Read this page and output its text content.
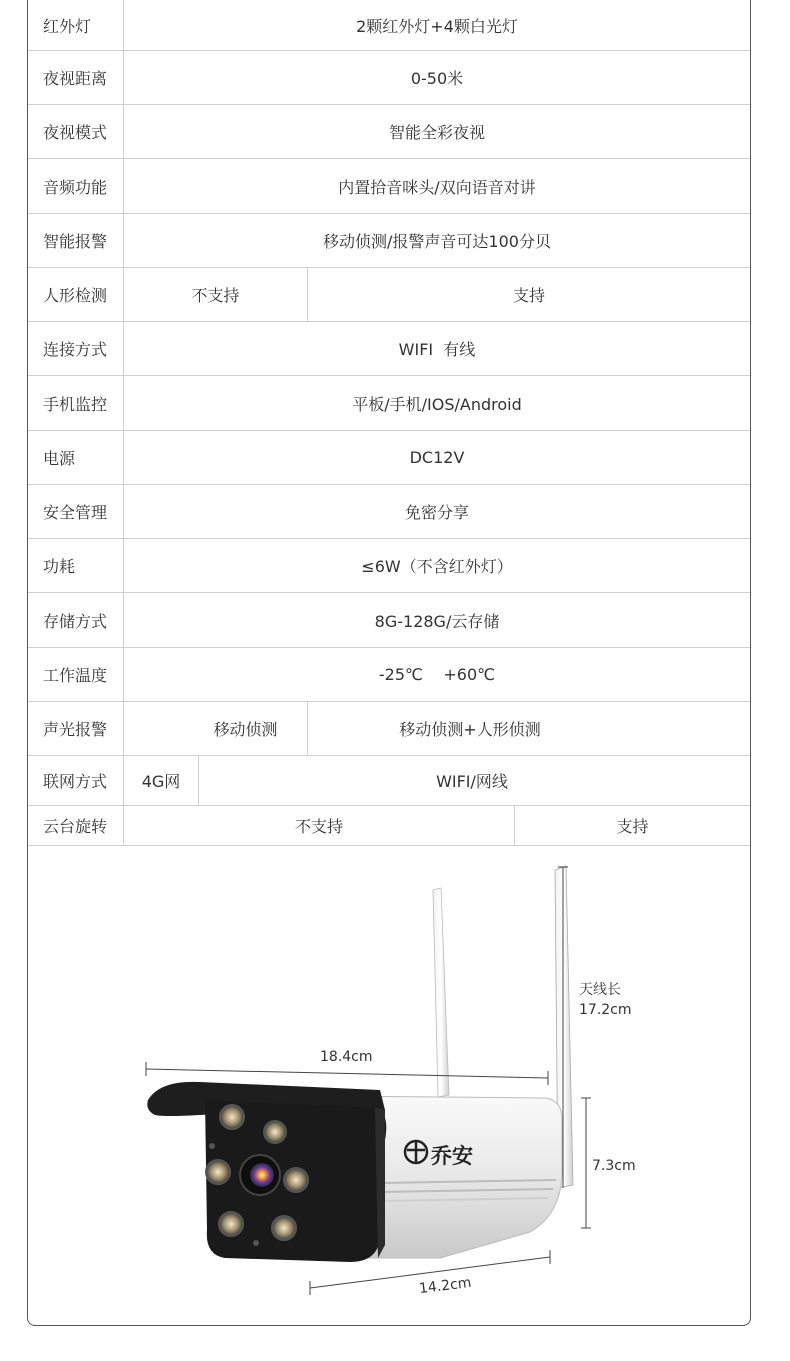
红外灯	2颗红外灯+4颗白光灯
夜视距离	0-50米
夜视模式	智能全彩夜视
音频功能	内置拾音咪头/双向语音对讲
智能报警	移动侦测/报警声音可达100分贝
人形检测	不支持	支持
连接方式	WIFI  有线
手机监控	平板/手机/IOS/Android
电源	DC12V
安全管理	免密分享
功耗	≤6W（不含红外灯）
存储方式	8G-128G/云存储
工作温度	-25℃    +60℃
声光报警	移动侦测	移动侦测+人形侦测
联网方式	4G网	WIFI/网线
云台旋转	不支持	支持
乔安
天线长
17.2cm
18.4cm
7.3cm
14.2cm
